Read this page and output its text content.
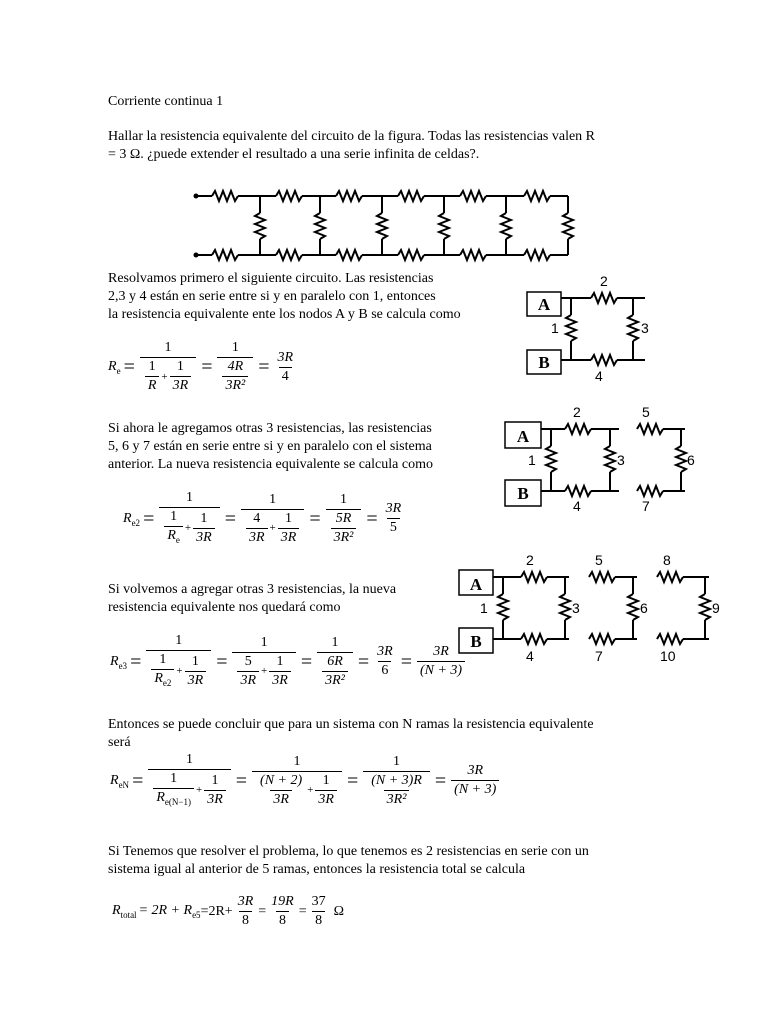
Corriente continua 1
Hallar la resistencia equivalente del circuito de la figura. Todas las resistencias valen R
= 3 Ω. ¿puede extender el resultado a una serie infinita de celdas?.
Resolvamos primero el siguiente circuito. Las resistencias
2,3 y 4 están en serie entre si y en paralelo con 1, entonces
la resistencia equivalente ente los nodos A y B se calcula como
A
B
2
1	3
4
$R_e = \frac{1}{\frac{1}{R} + \frac{1}{3R}} = \frac{1}{\frac{4R}{\text{3R²}}} = \frac{3R}{4}$
Si ahora le agregamos otras 3 resistencias, las resistencias
5, 6 y 7 están en serie entre si y en paralelo con el sistema
anterior. La nueva resistencia equivalente se calcula como
A
B
2	5
1	3	6
4	7
$R_{e2} = \frac{1}{\frac{1}{R_e} + \frac{1}{3R}} = \frac{1}{\frac{4}{3R} + \frac{1}{3R}} = \frac{1}{\frac{5R}{\text{3R²}}} = \frac{3R}{5}$
Si volvemos a agregar otras 3 resistencias, la nueva
resistencia equivalente nos quedará como
A
B
2	5	8
1	3	6	9
4	7	10
$R_{e3} = \frac{1}{\frac{1}{R_{e2}} + \frac{1}{3R}} = \frac{1}{\frac{5}{3R} + \frac{1}{3R}} = \frac{1}{\frac{6R}{\text{3R²}}} = \frac{3R}{6} = \frac{3R}{(N + 3)}$
Entonces se puede concluir que para un sistema con N ramas la resistencia equivalente
será
$R_{eN} = \frac{1}{\frac{1}{R_{e(N-1)}} + \frac{1}{3R}} = \frac{1}{\frac{(N + 2)}{3R} + \frac{1}{3R}} = \frac{1}{\frac{(N + 3)R}{\text{3R²}}} = \frac{3R}{(N + 3)}$
Si Tenemos que resolver el problema, lo que tenemos es 2 resistencias en serie con un
sistema igual al anterior de 5 ramas, entonces la resistencia total se calcula
$R_{total} = 2R + R_{e5} =2R+ \frac{3R}{8} = \frac{19R}{8} = \frac{37}{8}$ Ω
